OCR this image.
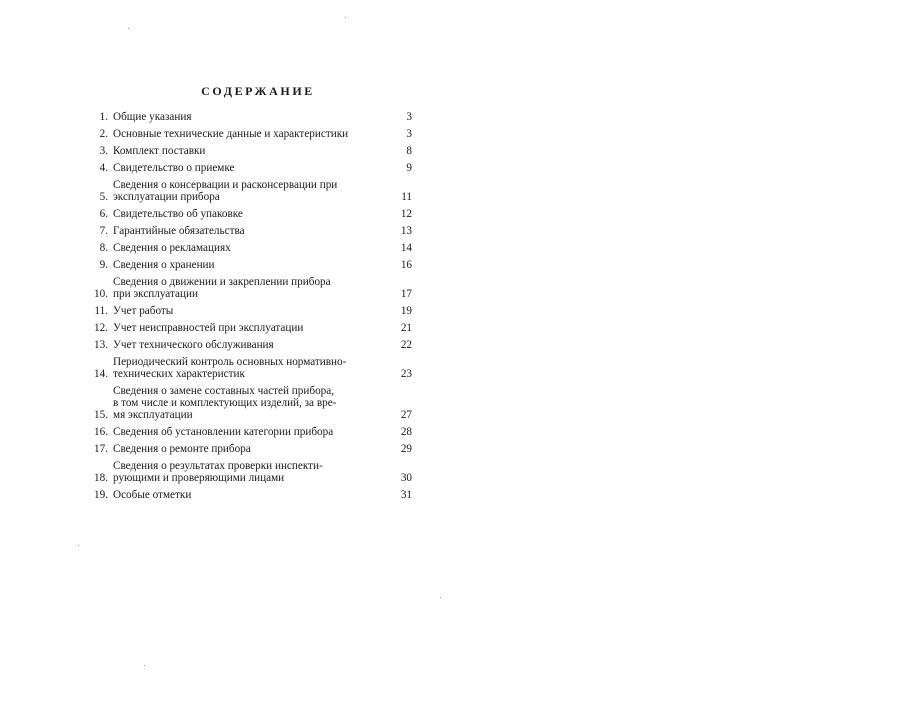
СОДЕРЖАНИЕ
1. Общие указания	3
2. Основные технические данные и характеристики	3
3. Комплект поставки	8
4. Свидетельство о приемке	9
5.
Сведения о консервации и расконсервации при
эксплуатации прибора	11
6. Свидетельство об упаковке	12
7. Гарантийные обязательства	13
8. Сведения о рекламациях	14
9. Сведения о хранении	16
10.
Сведения о движении и закреплении прибора
при эксплуатации	17
11. Учет работы	19
12. Учет неисправностей при эксплуатации	21
13. Учет технического обслуживания	22
14.
Периодический контроль основных нормативно-
технических характеристик	23
15.
Сведения о замене составных частей прибора,
в том числе и комплектующих изделий, за вре-
мя эксплуатации	27
16. Сведения об установлении категории прибора	28
17. Сведения о ремонте прибора	29
18.
Сведения о результатах проверки инспекти-
рующими и проверяющими лицами	30
19. Особые отметки	31
